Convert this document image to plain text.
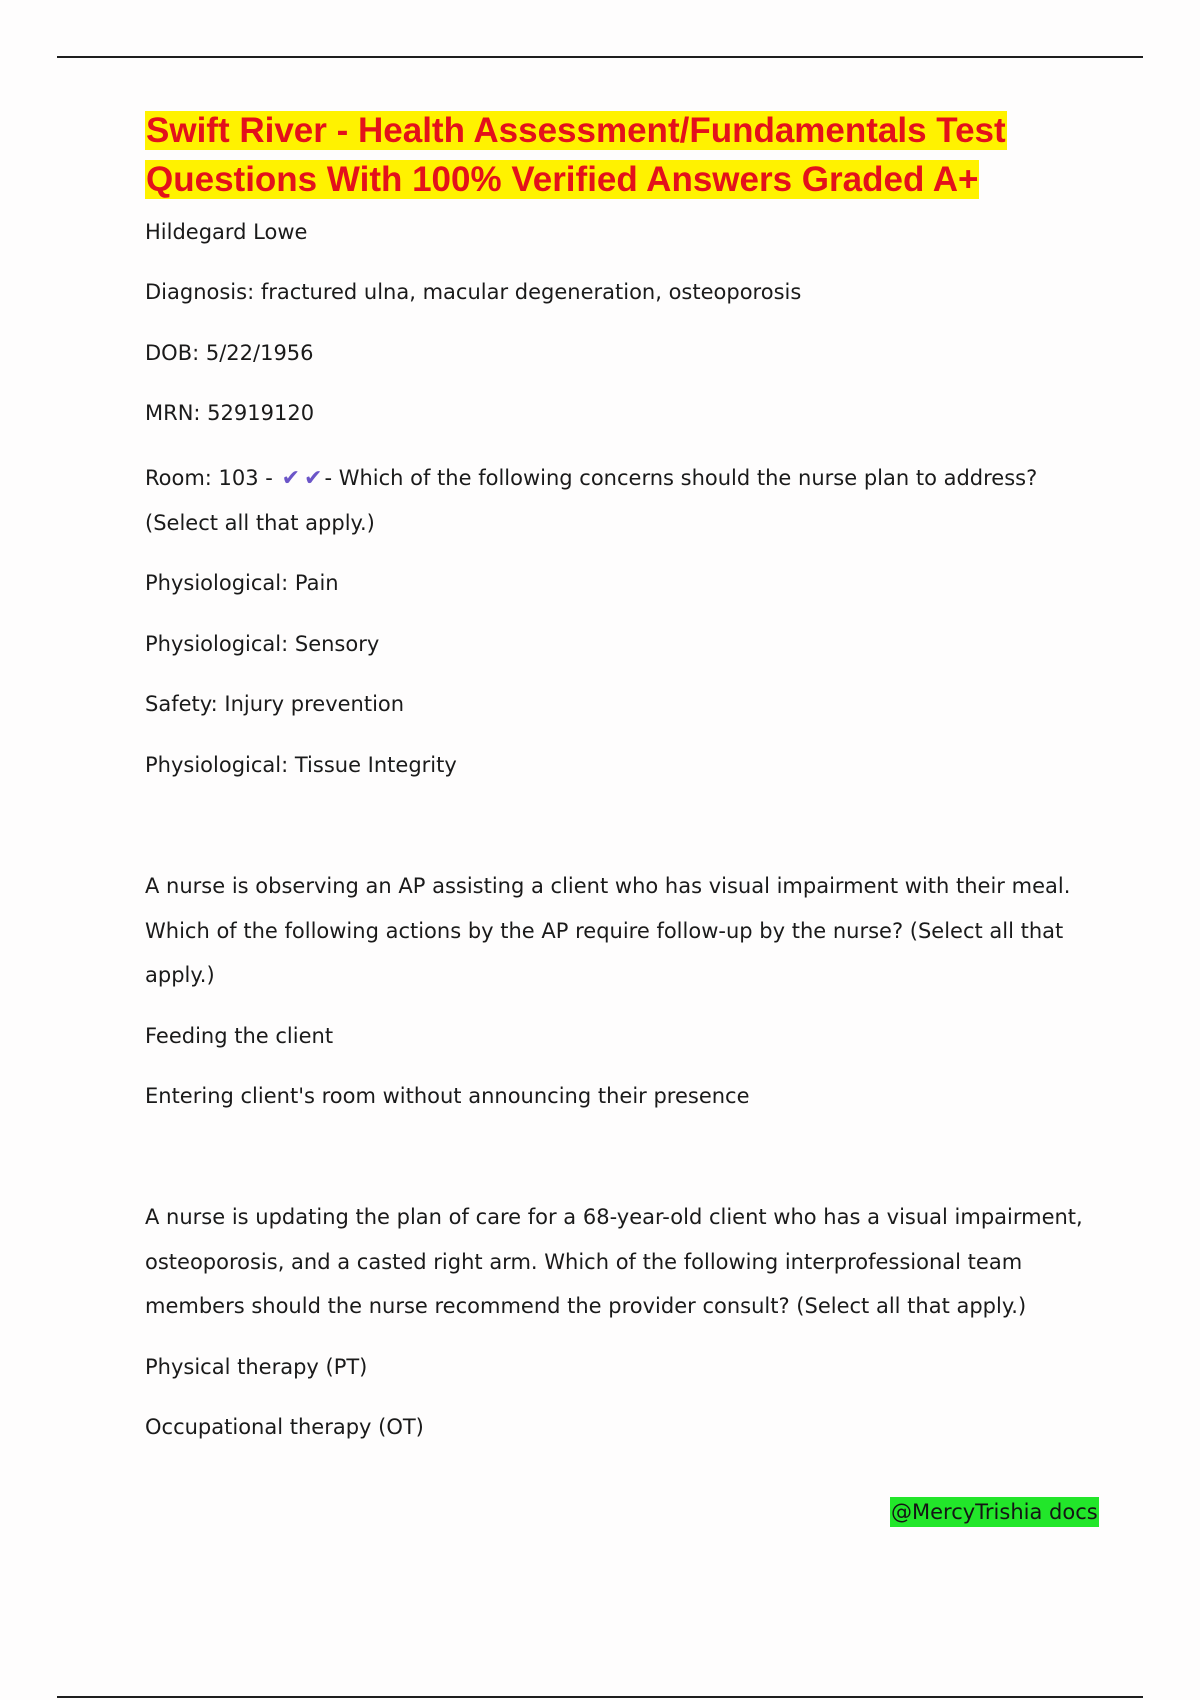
Swift River - Health Assessment/Fundamentals Test
Questions With 100% Verified Answers Graded A+

Hildegard Lowe

Diagnosis: fractured ulna, macular degeneration, osteoporosis

DOB: 5/22/1956

MRN: 52919120

Room: 103 - ✔ ✔- Which of the following concerns should the nurse plan to address?

(Select all that apply.)

Physiological: Pain

Physiological: Sensory

Safety: Injury prevention

Physiological: Tissue Integrity

A nurse is observing an AP assisting a client who has visual impairment with their meal.

Which of the following actions by the AP require follow-up by the nurse? (Select all that

apply.)

Feeding the client

Entering client's room without announcing their presence

A nurse is updating the plan of care for a 68-year-old client who has a visual impairment,

osteoporosis, and a casted right arm. Which of the following interprofessional team

members should the nurse recommend the provider consult? (Select all that apply.)

Physical therapy (PT)

Occupational therapy (OT)

@MercyTrishia docs
